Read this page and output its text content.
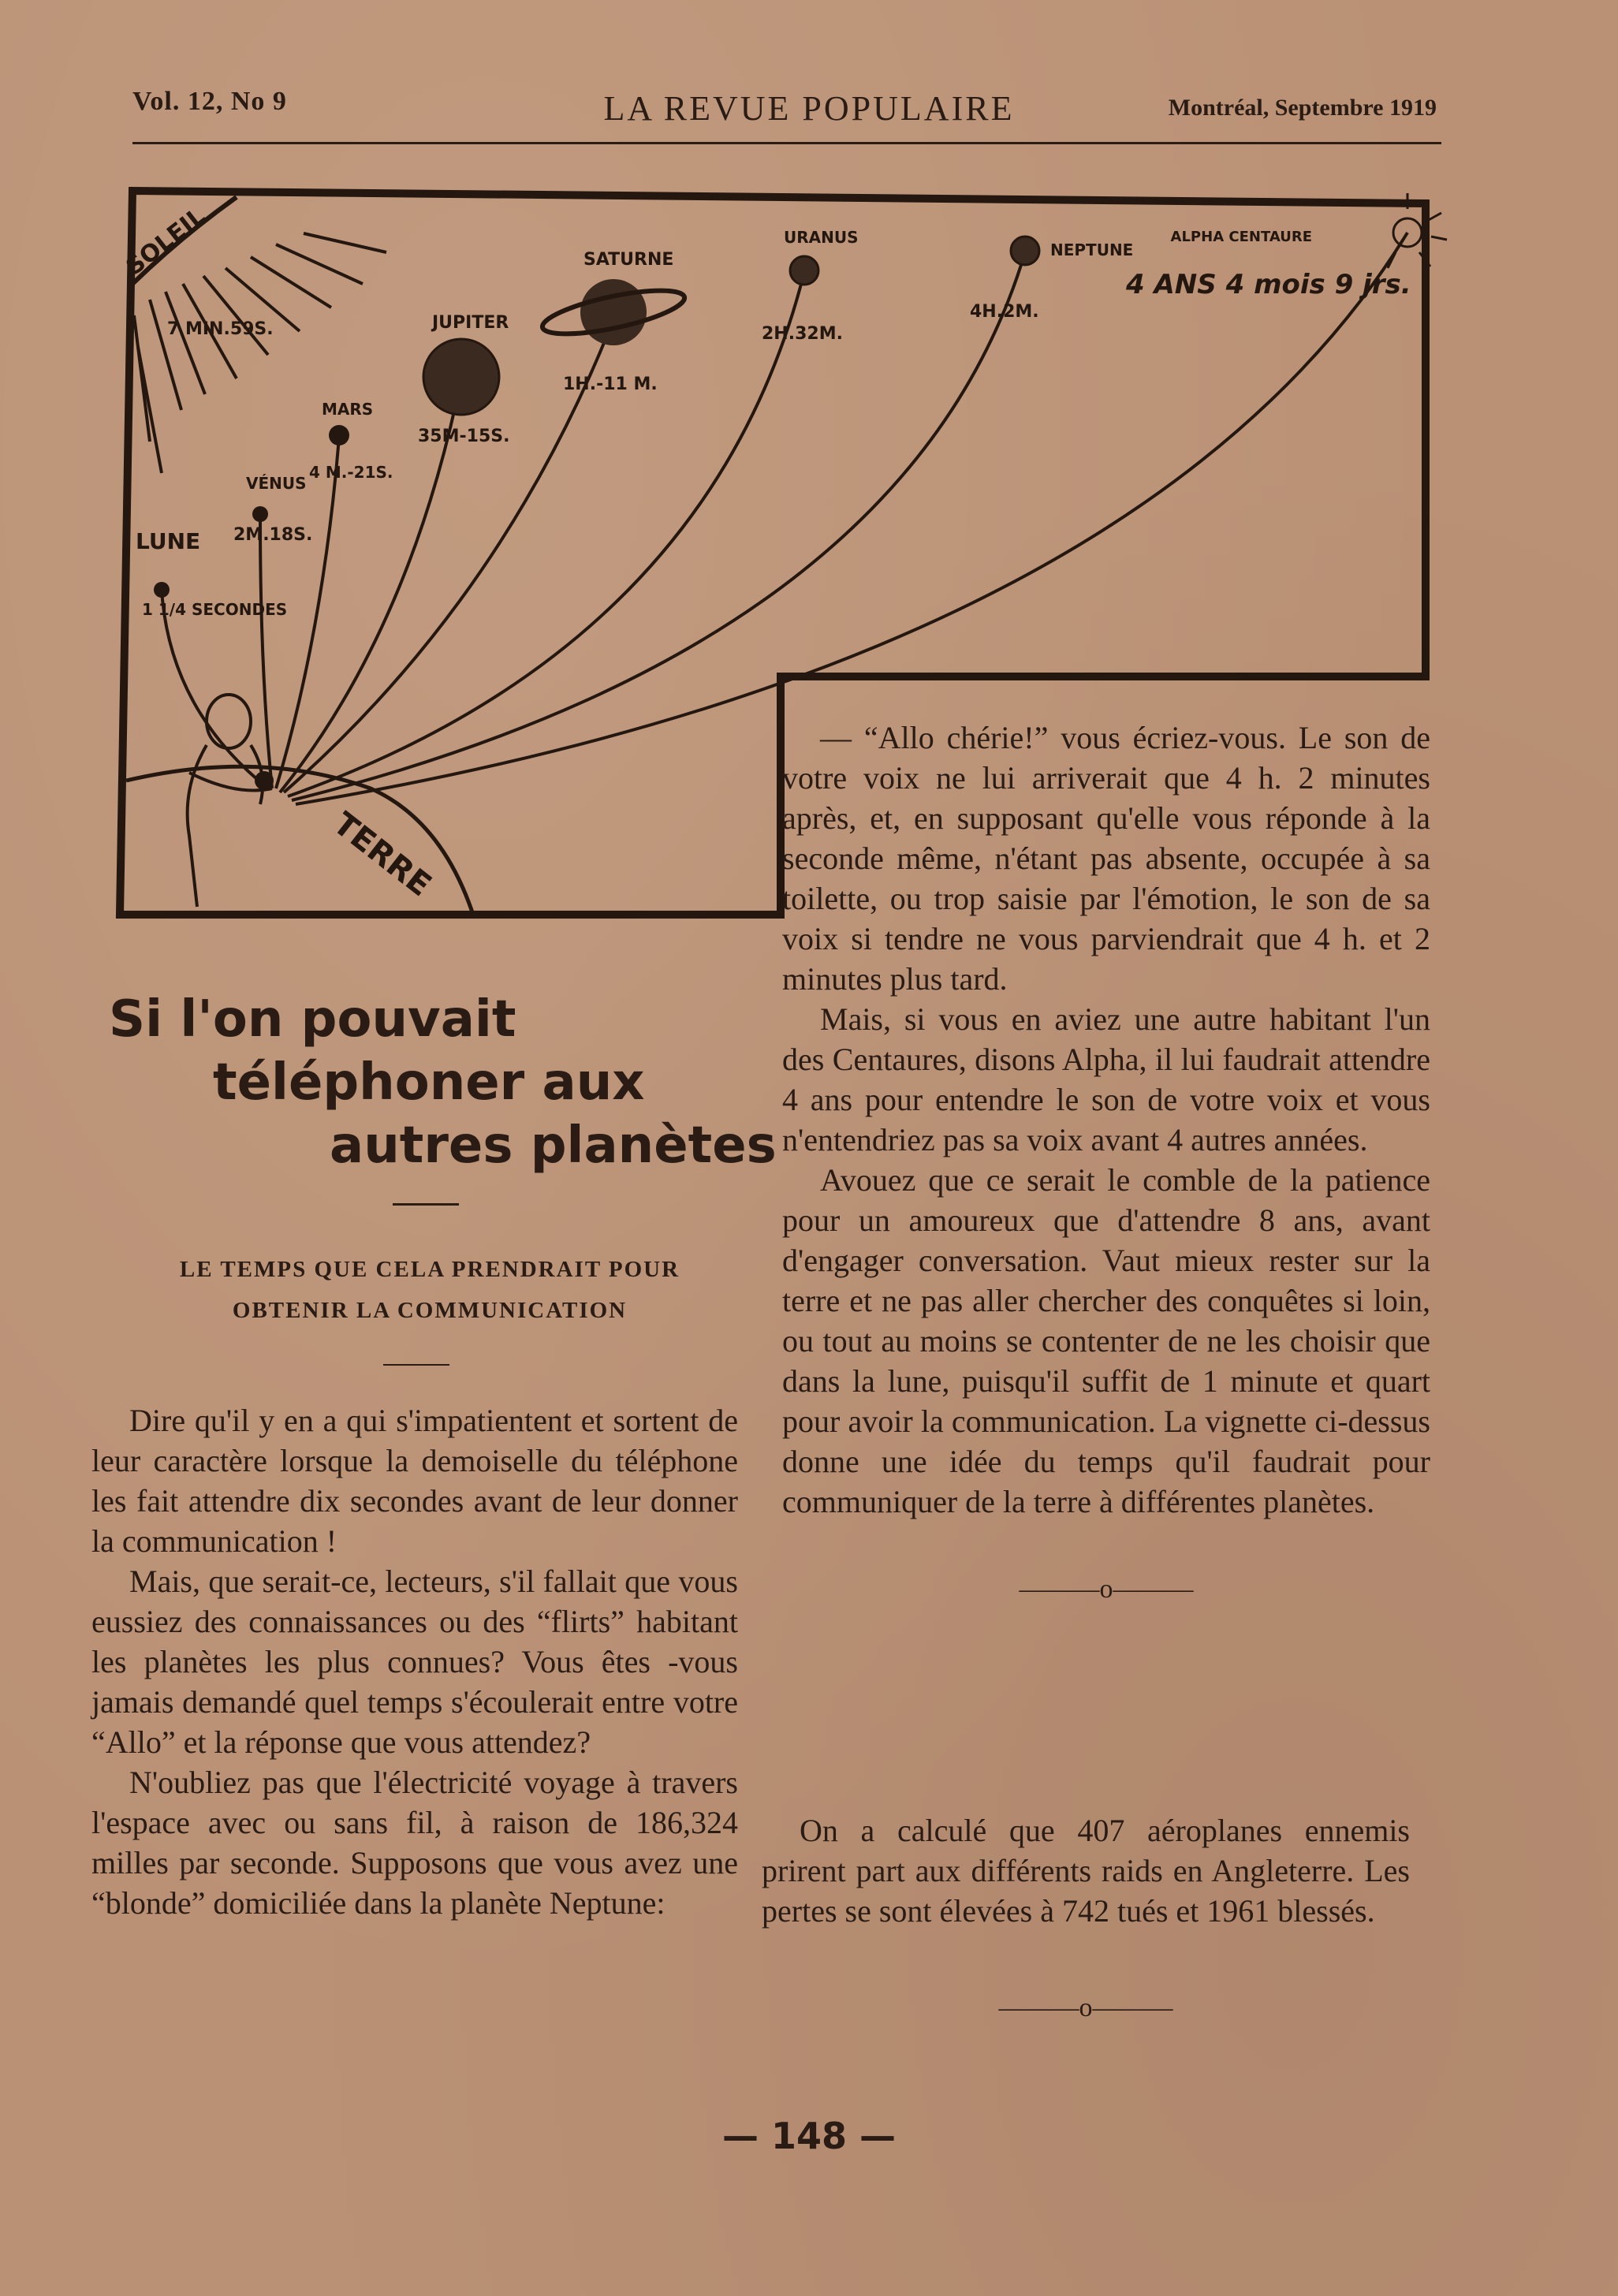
Vol. 12, No 9	LA REVUE POPULAIRE	Montréal, Septembre 1919
SOLEIL
7 MIN.59S.
TERRE
LUNE
1 1/4 SECONDES
VÉNUS
2M.18S.
MARS
4 M.-21S.
JUPITER
35M-15S.
SATURNE
1H.-11 M.
URANUS
2H.32M.
NEPTUNE
4H.2M.
ALPHA CENTAURE
4 ANS 4 mois 9 jrs.
Si l'on pouvait
téléphoner aux
autres planètes
LE TEMPS QUE CELA PRENDRAIT POUR
OBTENIR LA COMMUNICATION

Dire qu'il y en a qui s'impatientent et sortent de leur caractère lorsque la demoiselle du téléphone les fait attendre dix secondes avant de leur donner la communication !

Mais, que serait-ce, lecteurs, s'il fallait que vous eussiez des connaissances ou des “flirts” habitant les planètes les plus connues? Vous êtes -vous jamais demandé quel temps s'écoulerait entre votre “Allo” et la réponse que vous attendez?

N'oubliez pas que l'électricité voyage à travers l'espace avec ou sans fil, à raison de 186,324 milles par seconde. Supposons que vous avez une “blonde” domiciliée dans la planète Neptune:

— “Allo chérie!” vous écriez-vous. Le son de votre voix ne lui arriverait que 4 h. 2 minutes après, et, en supposant qu'elle vous réponde à la seconde même, n'étant pas absente, occupée à sa toilette, ou trop saisie par l'émotion, le son de sa voix si tendre ne vous parviendrait que 4 h. et 2 minutes plus tard.

Mais, si vous en aviez une autre habitant l'un des Centaures, disons Alpha, il lui faudrait attendre 4 ans pour entendre le son de votre voix et vous n'entendriez pas sa voix avant 4 autres années.

Avouez que ce serait le comble de la patience pour un amoureux que d'attendre 8 ans, avant d'engager conversation. Vaut mieux rester sur la terre et ne pas aller chercher des conquêtes si loin, ou tout au moins se contenter de ne les choisir que dans la lune, puisqu'il suffit de 1 minute et quart pour avoir la communication. La vignette ci-dessus donne une idée du temps qu'il faudrait pour communiquer de la terre à différentes planètes.

———o———

On a calculé que 407 aéroplanes ennemis prirent part aux différents raids en Angleterre. Les pertes se sont élevées à 742 tués et 1961 blessés.

———o———
— 148 —
